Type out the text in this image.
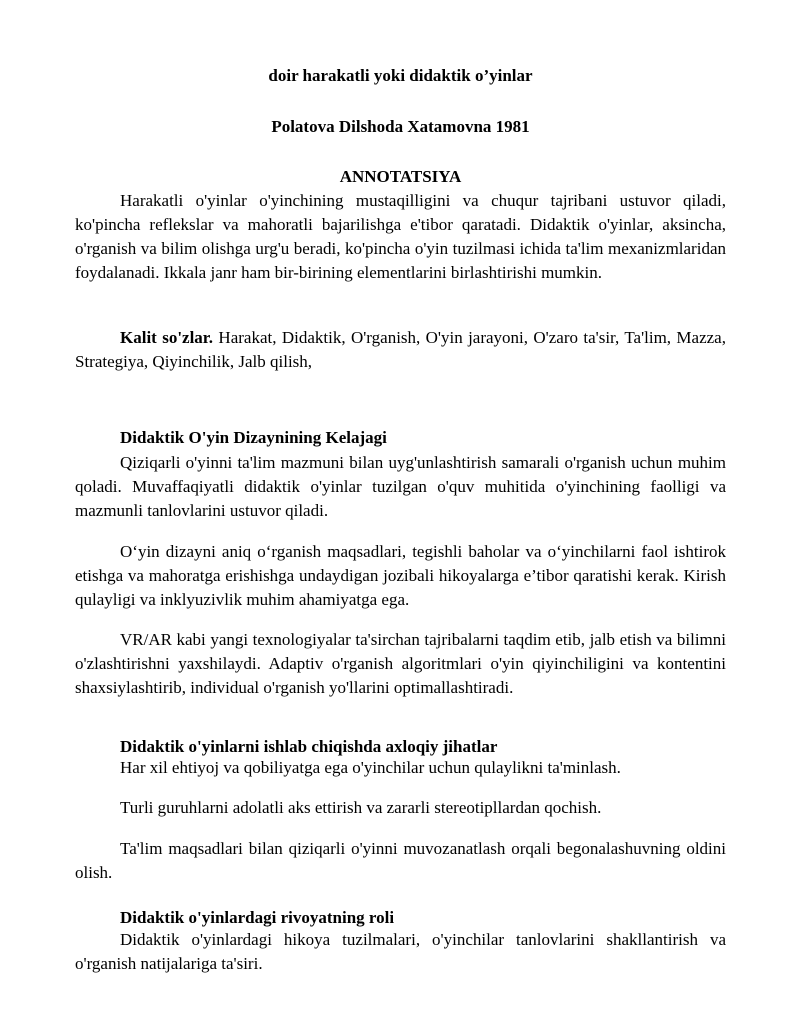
doir harakatli yoki didaktik o’yinlar

Polatova Dilshoda Xatamovna 1981

ANNOTATSIYA

Harakatli o'yinlar o'yinchining mustaqilligini va chuqur tajribani ustuvor qiladi, ko'pincha reflekslar va mahoratli bajarilishga e'tibor qaratadi. Didaktik o'yinlar, aksincha, o'rganish va bilim olishga urg'u beradi, ko'pincha o'yin tuzilmasi ichida ta'lim mexanizmlaridan foydalanadi. Ikkala janr ham bir-birining elementlarini birlashtirishi mumkin.

Kalit so'zlar. Harakat, Didaktik, O'rganish, O'yin jarayoni, O'zaro ta'sir, Ta'lim, Mazza, Strategiya, Qiyinchilik, Jalb qilish,

Didaktik O'yin Dizaynining Kelajagi

Qiziqarli o'yinni ta'lim mazmuni bilan uyg'unlashtirish samarali o'rganish uchun muhim qoladi. Muvaffaqiyatli didaktik o'yinlar tuzilgan o'quv muhitida o'yinchining faolligi va mazmunli tanlovlarini ustuvor qiladi.

O‘yin dizayni aniq o‘rganish maqsadlari, tegishli baholar va o‘yinchilarni faol ishtirok etishga va mahoratga erishishga undaydigan jozibali hikoyalarga e’tibor qaratishi kerak. Kirish qulayligi va inklyuzivlik muhim ahamiyatga ega.

VR/AR kabi yangi texnologiyalar ta'sirchan tajribalarni taqdim etib, jalb etish va bilimni o'zlashtirishni yaxshilaydi. Adaptiv o'rganish algoritmlari o'yin qiyinchiligini va kontentini shaxsiylashtirib, individual o'rganish yo'llarini optimallashtiradi.

Didaktik o'yinlarni ishlab chiqishda axloqiy jihatlar

Har xil ehtiyoj va qobiliyatga ega o'yinchilar uchun qulaylikni ta'minlash.

Turli guruhlarni adolatli aks ettirish va zararli stereotipllardan qochish.

Ta'lim maqsadlari bilan qiziqarli o'yinni muvozanatlash orqali begonalashuvning oldini olish.

Didaktik o'yinlardagi rivoyatning roli

Didaktik o'yinlardagi hikoya tuzilmalari, o'yinchilar tanlovlarini shakllantirish va o'rganish natijalariga ta'siri.
